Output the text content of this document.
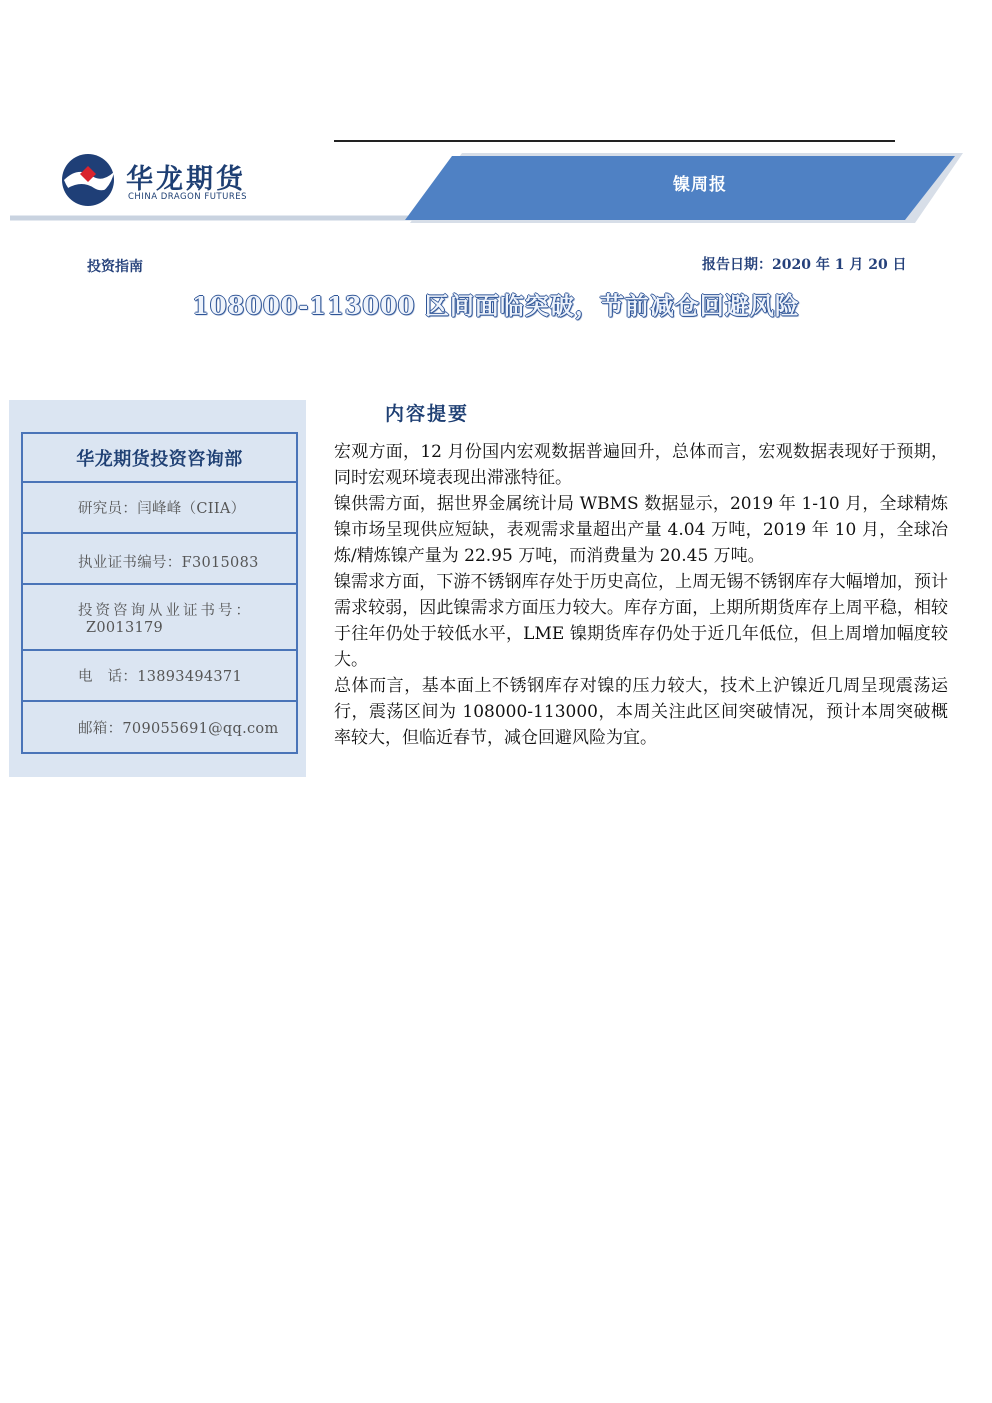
华龙期货
CHINA DRAGON FUTURES
镍周报
投资指南	报告日期：2020 年 1 月 20 日
108000-113000 区间面临突破，节前减仓回避风险
华龙期货投资咨询部
研究员：闫峰峰（CIIA）
执业证书编号：F3015083
投资咨询从业证书号：
Z0013179
电　话：13893494371
邮箱：709055691@qq.com
内容提要

宏观方面，12 月份国内宏观数据普遍回升，总体而言，宏观数据表现好于预期，同时宏观环境表现出滞涨特征。

镍供需方面，据世界金属统计局 WBMS 数据显示，2019 年 1-10 月，全球精炼镍市场呈现供应短缺，表观需求量超出产量 4.04 万吨，2019 年 10 月，全球冶炼/精炼镍产量为 22.95 万吨，而消费量为 20.45 万吨。

镍需求方面，下游不锈钢库存处于历史高位，上周无锡不锈钢库存大幅增加，预计需求较弱，因此镍需求方面压力较大。库存方面，上期所期货库存上周平稳，相较于往年仍处于较低水平，LME 镍期货库存仍处于近几年低位，但上周增加幅度较大。

总体而言，基本面上不锈钢库存对镍的压力较大，技术上沪镍近几周呈现震荡运行，震荡区间为 108000-113000，本周关注此区间突破情况，预计本周突破概率较大，但临近春节，减仓回避风险为宜。
